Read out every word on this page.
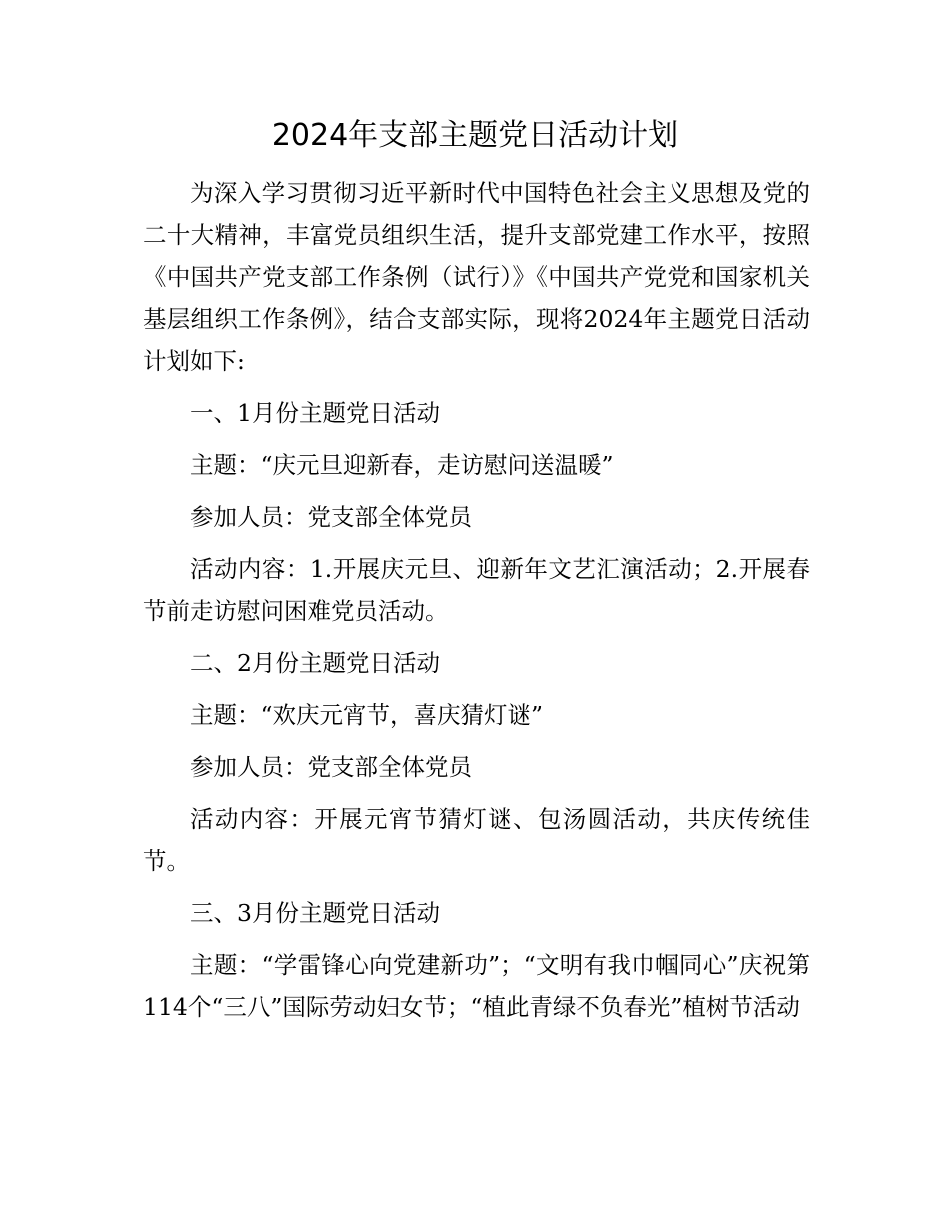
2024年支部主题党日活动计划

为深入学习贯彻习近平新时代中国特色社会主义思想及党的二十大精神，丰富党员组织生活，提升支部党建工作水平，按照《中国共产党支部工作条例（试行）》《中国共产党党和国家机关基层组织工作条例》，结合支部实际，现将2024年主题党日活动计划如下:

一、1月份主题党日活动

主题：“庆元旦迎新春，走访慰问送温暖”

参加人员：党支部全体党员

活动内容：1.开展庆元旦、迎新年文艺汇演活动；2.开展春节前走访慰问困难党员活动。

二、2月份主题党日活动

主题：“欢庆元宵节，喜庆猜灯谜”

参加人员：党支部全体党员

活动内容：开展元宵节猜灯谜、包汤圆活动，共庆传统佳节。

三、3月份主题党日活动

主题：“学雷锋心向党建新功”；“文明有我巾帼同心”庆祝第114个“三八”国际劳动妇女节；“植此青绿不负春光”植树节活动
